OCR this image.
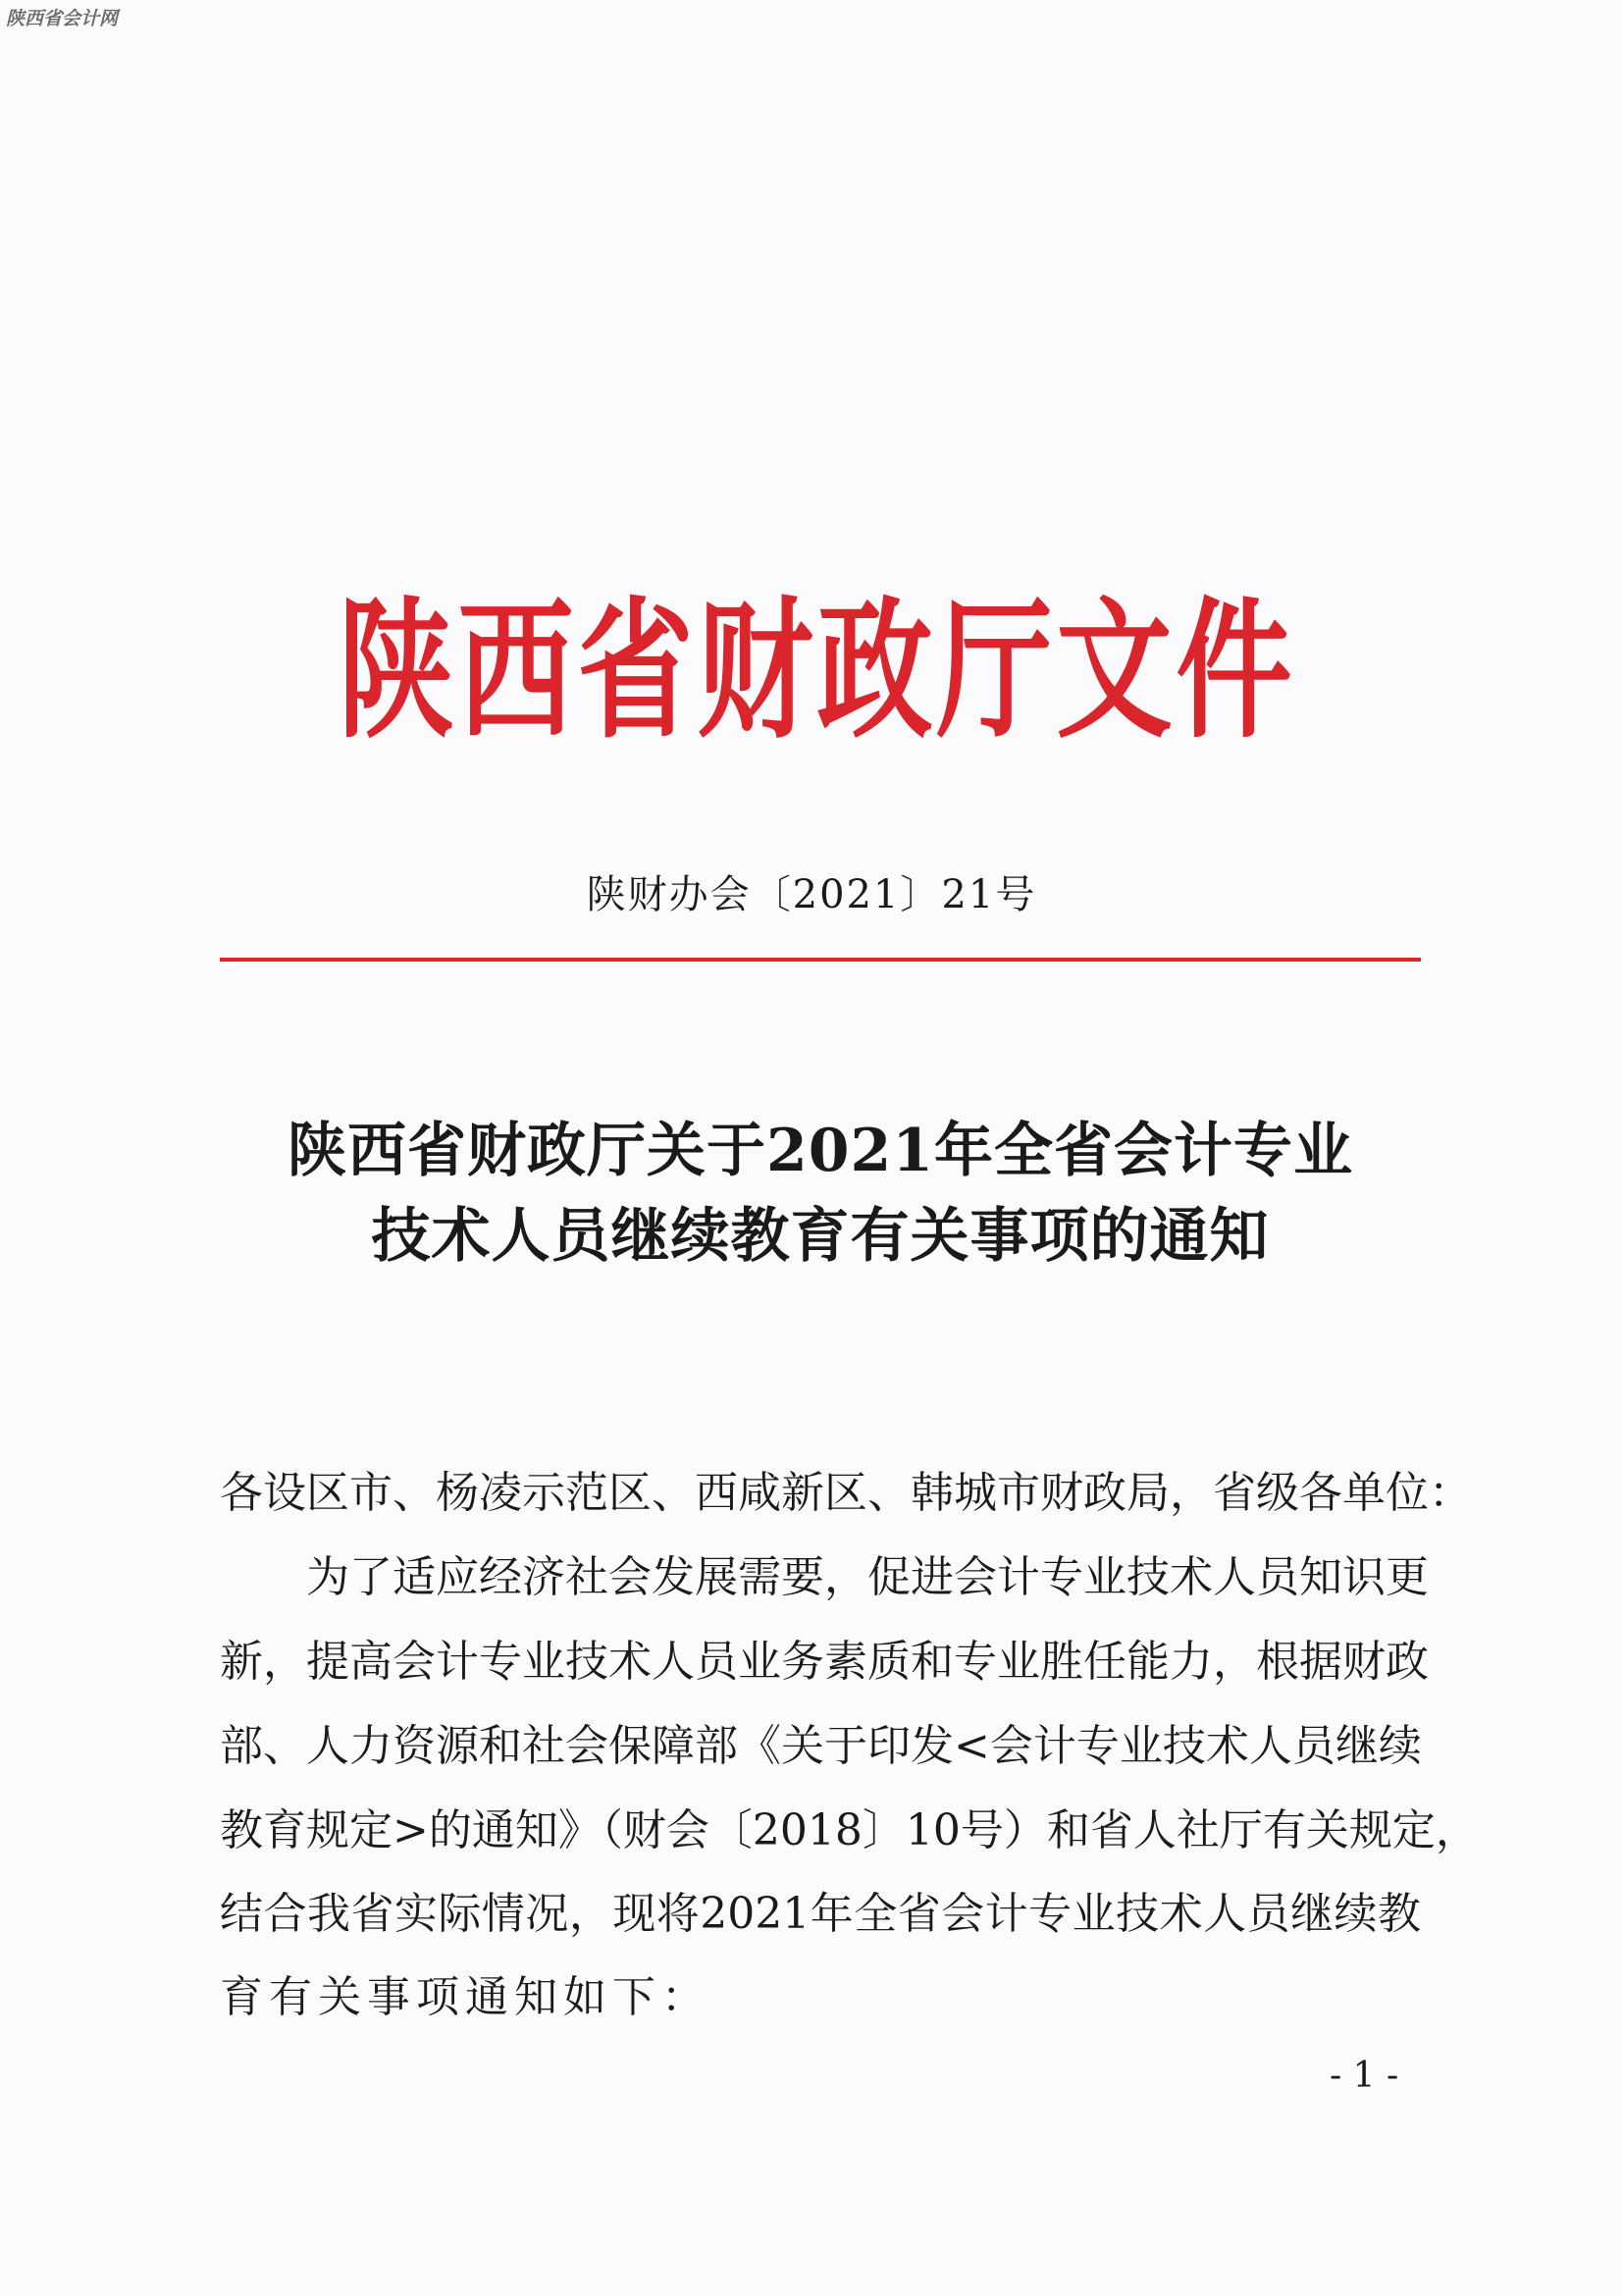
陕西省会计网
陕西省财政厅文件
陕财办会〔2021〕21号
陕西省财政厅关于2021年全省会计专业
技术人员继续教育有关事项的通知
各设区市、杨凌示范区、西咸新区、韩城市财政局，省级各单位：
　　为了适应经济社会发展需要，促进会计专业技术人员知识更
新，提高会计专业技术人员业务素质和专业胜任能力，根据财政
部、人力资源和社会保障部《关于印发<会计专业技术人员继续
教育规定>的通知》（财会〔2018〕10号）和省人社厅有关规定，
结合我省实际情况，现将2021年全省会计专业技术人员继续教
育有关事项通知如下：
- 1 -
